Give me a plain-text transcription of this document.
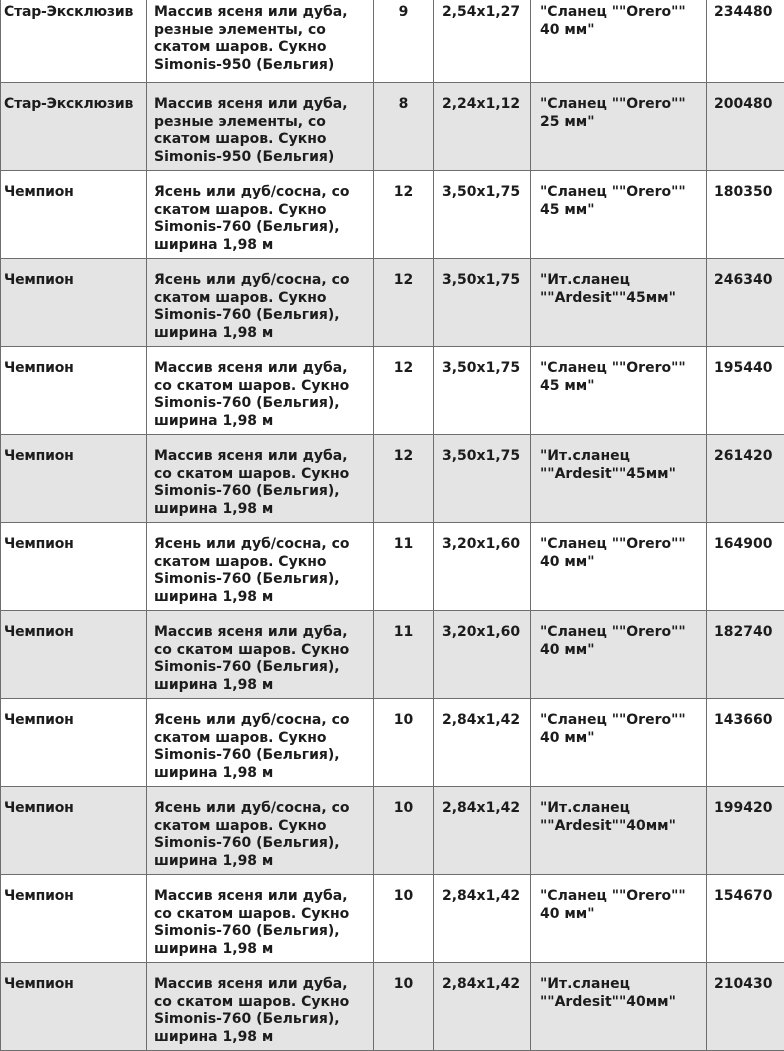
Стар-Эксклюзив	Массив ясеня или дуба, резные элементы, со скатом шаров. Сукно Simonis-950 (Бельгия)	9	2,54x1,27	"Сланец ""Orero""
40 мм"	234480
Стар-Эксклюзив	Массив ясеня или дуба, резные элементы, со скатом шаров. Сукно Simonis-950 (Бельгия)	8	2,24x1,12	"Сланец ""Orero""
25 мм"	200480
Чемпион	Ясень или дуб/сосна, со скатом шаров. Сукно Simonis-760 (Бельгия), ширина 1,98 м	12	3,50x1,75	"Сланец ""Orero""
45 мм"	180350
Чемпион	Ясень или дуб/сосна, со скатом шаров. Сукно Simonis-760 (Бельгия), ширина 1,98 м	12	3,50x1,75	"Ит.сланец
""Ardesit""45мм"	246340
Чемпион	Массив ясеня или дуба, со скатом шаров. Сукно Simonis-760 (Бельгия), ширина 1,98 м	12	3,50x1,75	"Сланец ""Orero""
45 мм"	195440
Чемпион	Массив ясеня или дуба, со скатом шаров. Сукно Simonis-760 (Бельгия), ширина 1,98 м	12	3,50x1,75	"Ит.сланец
""Ardesit""45мм"	261420
Чемпион	Ясень или дуб/сосна, со скатом шаров. Сукно Simonis-760 (Бельгия), ширина 1,98 м	11	3,20x1,60	"Сланец ""Orero""
40 мм"	164900
Чемпион	Массив ясеня или дуба, со скатом шаров. Сукно Simonis-760 (Бельгия), ширина 1,98 м	11	3,20x1,60	"Сланец ""Orero""
40 мм"	182740
Чемпион	Ясень или дуб/сосна, со скатом шаров. Сукно Simonis-760 (Бельгия), ширина 1,98 м	10	2,84x1,42	"Сланец ""Orero""
40 мм"	143660
Чемпион	Ясень или дуб/сосна, со скатом шаров. Сукно Simonis-760 (Бельгия), ширина 1,98 м	10	2,84x1,42	"Ит.сланец
""Ardesit""40мм"	199420
Чемпион	Массив ясеня или дуба, со скатом шаров. Сукно Simonis-760 (Бельгия), ширина 1,98 м	10	2,84x1,42	"Сланец ""Orero""
40 мм"	154670
Чемпион	Массив ясеня или дуба, со скатом шаров. Сукно Simonis-760 (Бельгия), ширина 1,98 м	10	2,84x1,42	"Ит.сланец
""Ardesit""40мм"	210430
